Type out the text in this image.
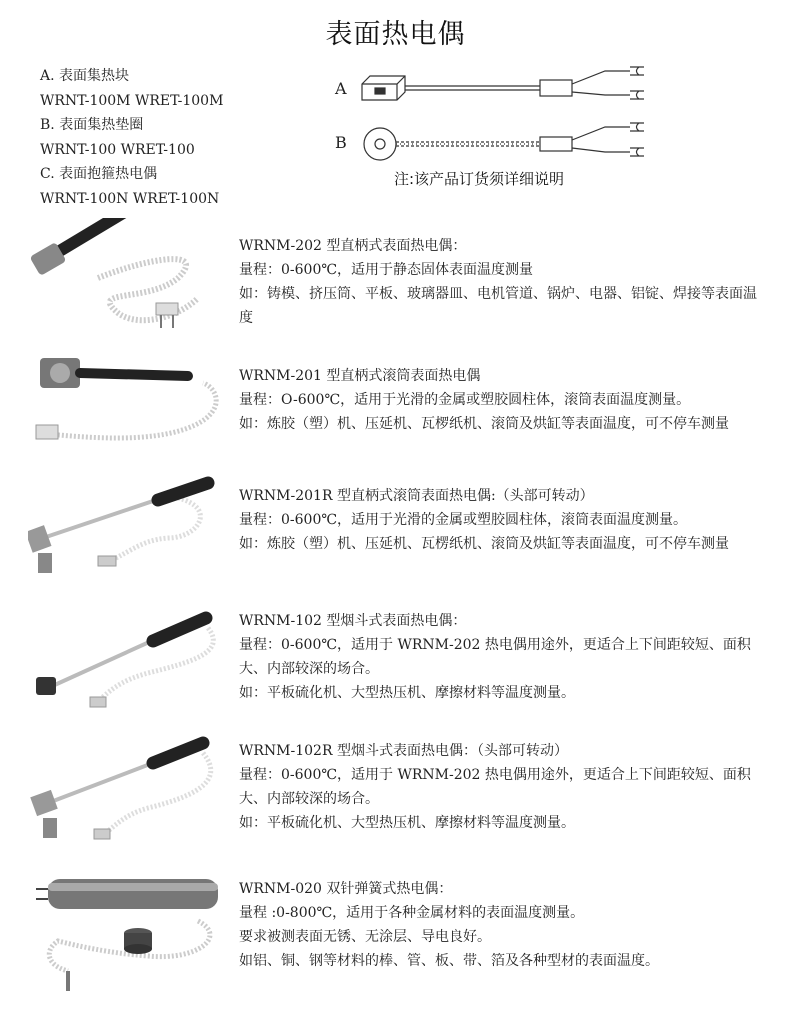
表面热电偶
A. 表面集热块
WRNT-100M WRET-100M
B. 表面集热垫圈
WRNT-100 WRET-100
C. 表面抱箍热电偶
WRNT-100N WRET-100N
A
B
注:该产品订货须详细说明
WRNM-202 型直柄式表面热电偶：
量程：0-600℃，适用于静态固体表面温度测量
如：铸模、挤压筒、平板、玻璃器皿、电机管道、锅炉、电器、铝锭、焊接等表面温度
WRNM-201 型直柄式滚筒表面热电偶
量程：O-600℃，适用于光滑的金属或塑胶圆柱体，滚筒表面温度测量。
如：炼胶（塑）机、压延机、瓦椤纸机、滚筒及烘缸等表面温度，可不停车测量
WRNM-201R 型直柄式滚筒表面热电偶:（头部可转动）
量程：0-600℃，适用于光滑的金属或塑胶圆柱体，滚筒表面温度测量。
如：炼胶（塑）机、压延机、瓦楞纸机、滚筒及烘缸等表面温度，可不停车测量
WRNM-102 型烟斗式表面热电偶：
量程：0-600℃，适用于 WRNM-202 热电偶用途外，更适合上下间距较短、面积大、内部较深的场合。
如：平板硫化机、大型热压机、摩擦材料等温度测量。
WRNM-102R 型烟斗式表面热电偶：（头部可转动）
量程：0-600℃，适用于 WRNM-202 热电偶用途外，更适合上下间距较短、面积大、内部较深的场合。
如：平板硫化机、大型热压机、摩擦材料等温度测量。
WRNM-020 双针弹簧式热电偶：
量程 :0-800℃，适用于各种金属材料的表面温度测量。
要求被测表面无锈、无涂层、导电良好。
如铝、铜、钢等材料的棒、管、板、带、箔及各种型材的表面温度。
